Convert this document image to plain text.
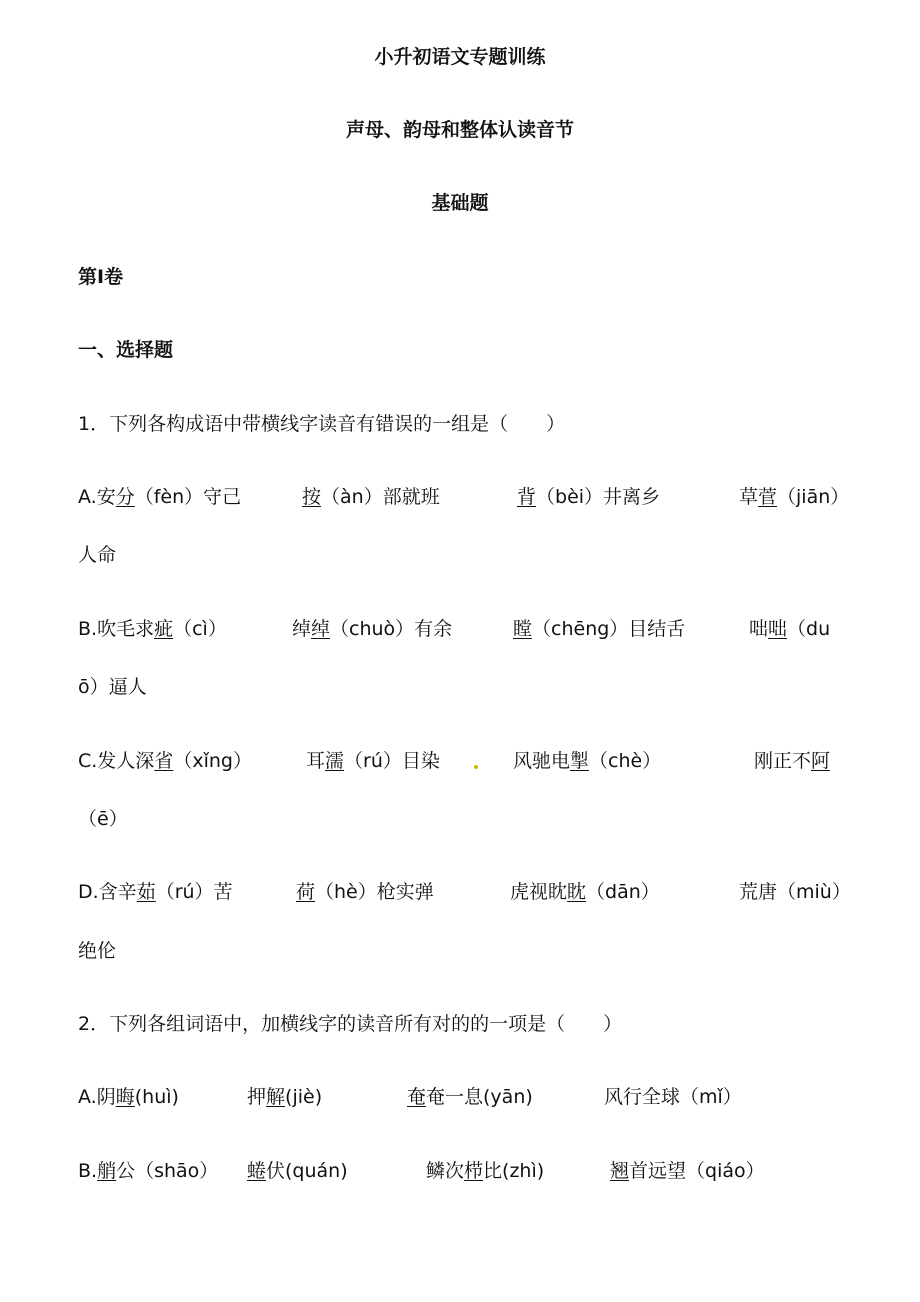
小升初语文专题训练
声母、韵母和整体认读音节
基础题
第Ⅰ卷
一、选择题
1．下列各构成语中带横线字读音有错误的一组是（　　）
A.安分（fèn）守己	按（àn）部就班	背（bèi）井离乡	草菅（jiān）
人命
B.吹毛求疵（cì）	绰绰（chuò）有余	瞠（chēng）目结舌	咄咄（du
ō）逼人
C.发人深省（xǐng）	耳濡（rú）目染	风驰电掣（chè）	刚正不阿
（ē）
D.含辛茹（rú）苦	荷（hè）枪实弹	虎视眈眈（dān）	荒唐（miù）
绝伦
2．下列各组词语中，加横线字的读音所有对的的一项是（　　）
A.阴晦(huì)	押解(jiè)	奄奄一息(yān)	风行全球（mǐ）
B.艄公（shāo） 蜷伏(quán)	鳞次栉比(zhì)	翘首远望（qiáo）
